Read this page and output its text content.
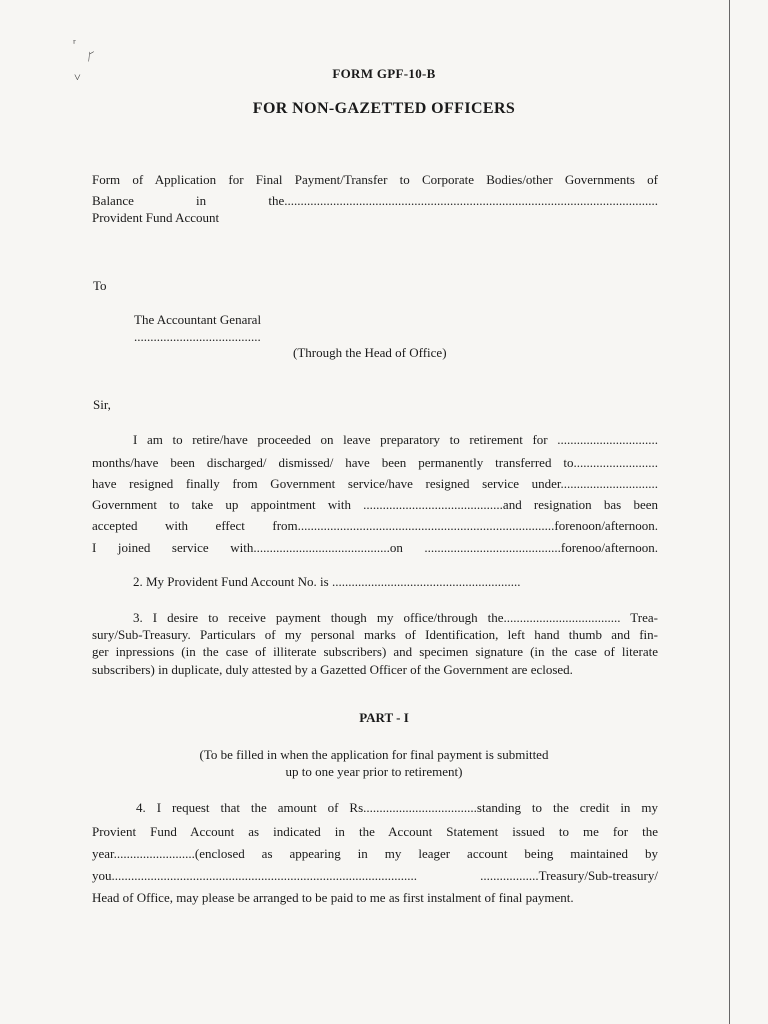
ʳ
⁄⁻
˅	FORM GPF-10-B
FOR NON-GAZETTED OFFICERS
Form of Application for Final Payment/Transfer to Corporate Bodies/other Governments of
Balance in the...................................................................................................................
Provident Fund Account
To
The Accountant Genaral
.......................................
(Through the Head of Office)
Sir,
I am to retire/have proceeded on leave preparatory to retirement for ...............................
months/have been discharged/ dismissed/ have been permanently transferred to..........................
have resigned finally from Government service/have resigned service under..............................
Government to take up appointment with ...........................................and resignation bas been
accepted with effect from...............................................................................forenoon/afternoon.
I joined service with..........................................on ..........................................forenoo/afternoon.
2. My Provident Fund Account No. is ..........................................................
3. I desire to receive payment though my office/through the.................................... Trea-
sury/Sub-Treasury. Particulars of my personal marks of Identification, left hand thumb and fin-
ger inpressions (in the case of illiterate subscribers) and specimen signature (in the case of literate
subscribers) in duplicate, duly attested by a Gazetted Officer of the Government are eclosed.
PART - I
(To be filled in when the application for final payment is submitted
up to one year prior to retirement)
4. I request that the amount of Rs...................................standing to the credit in my
Provient Fund Account as indicated in the Account Statement issued to me for the
year.........................(enclosed as appearing in my leager account being maintained by
you.............................................................................................. ..................Treasury/Sub-treasury/
Head of Office, may please be arranged to be paid to me as first instalment of final payment.
